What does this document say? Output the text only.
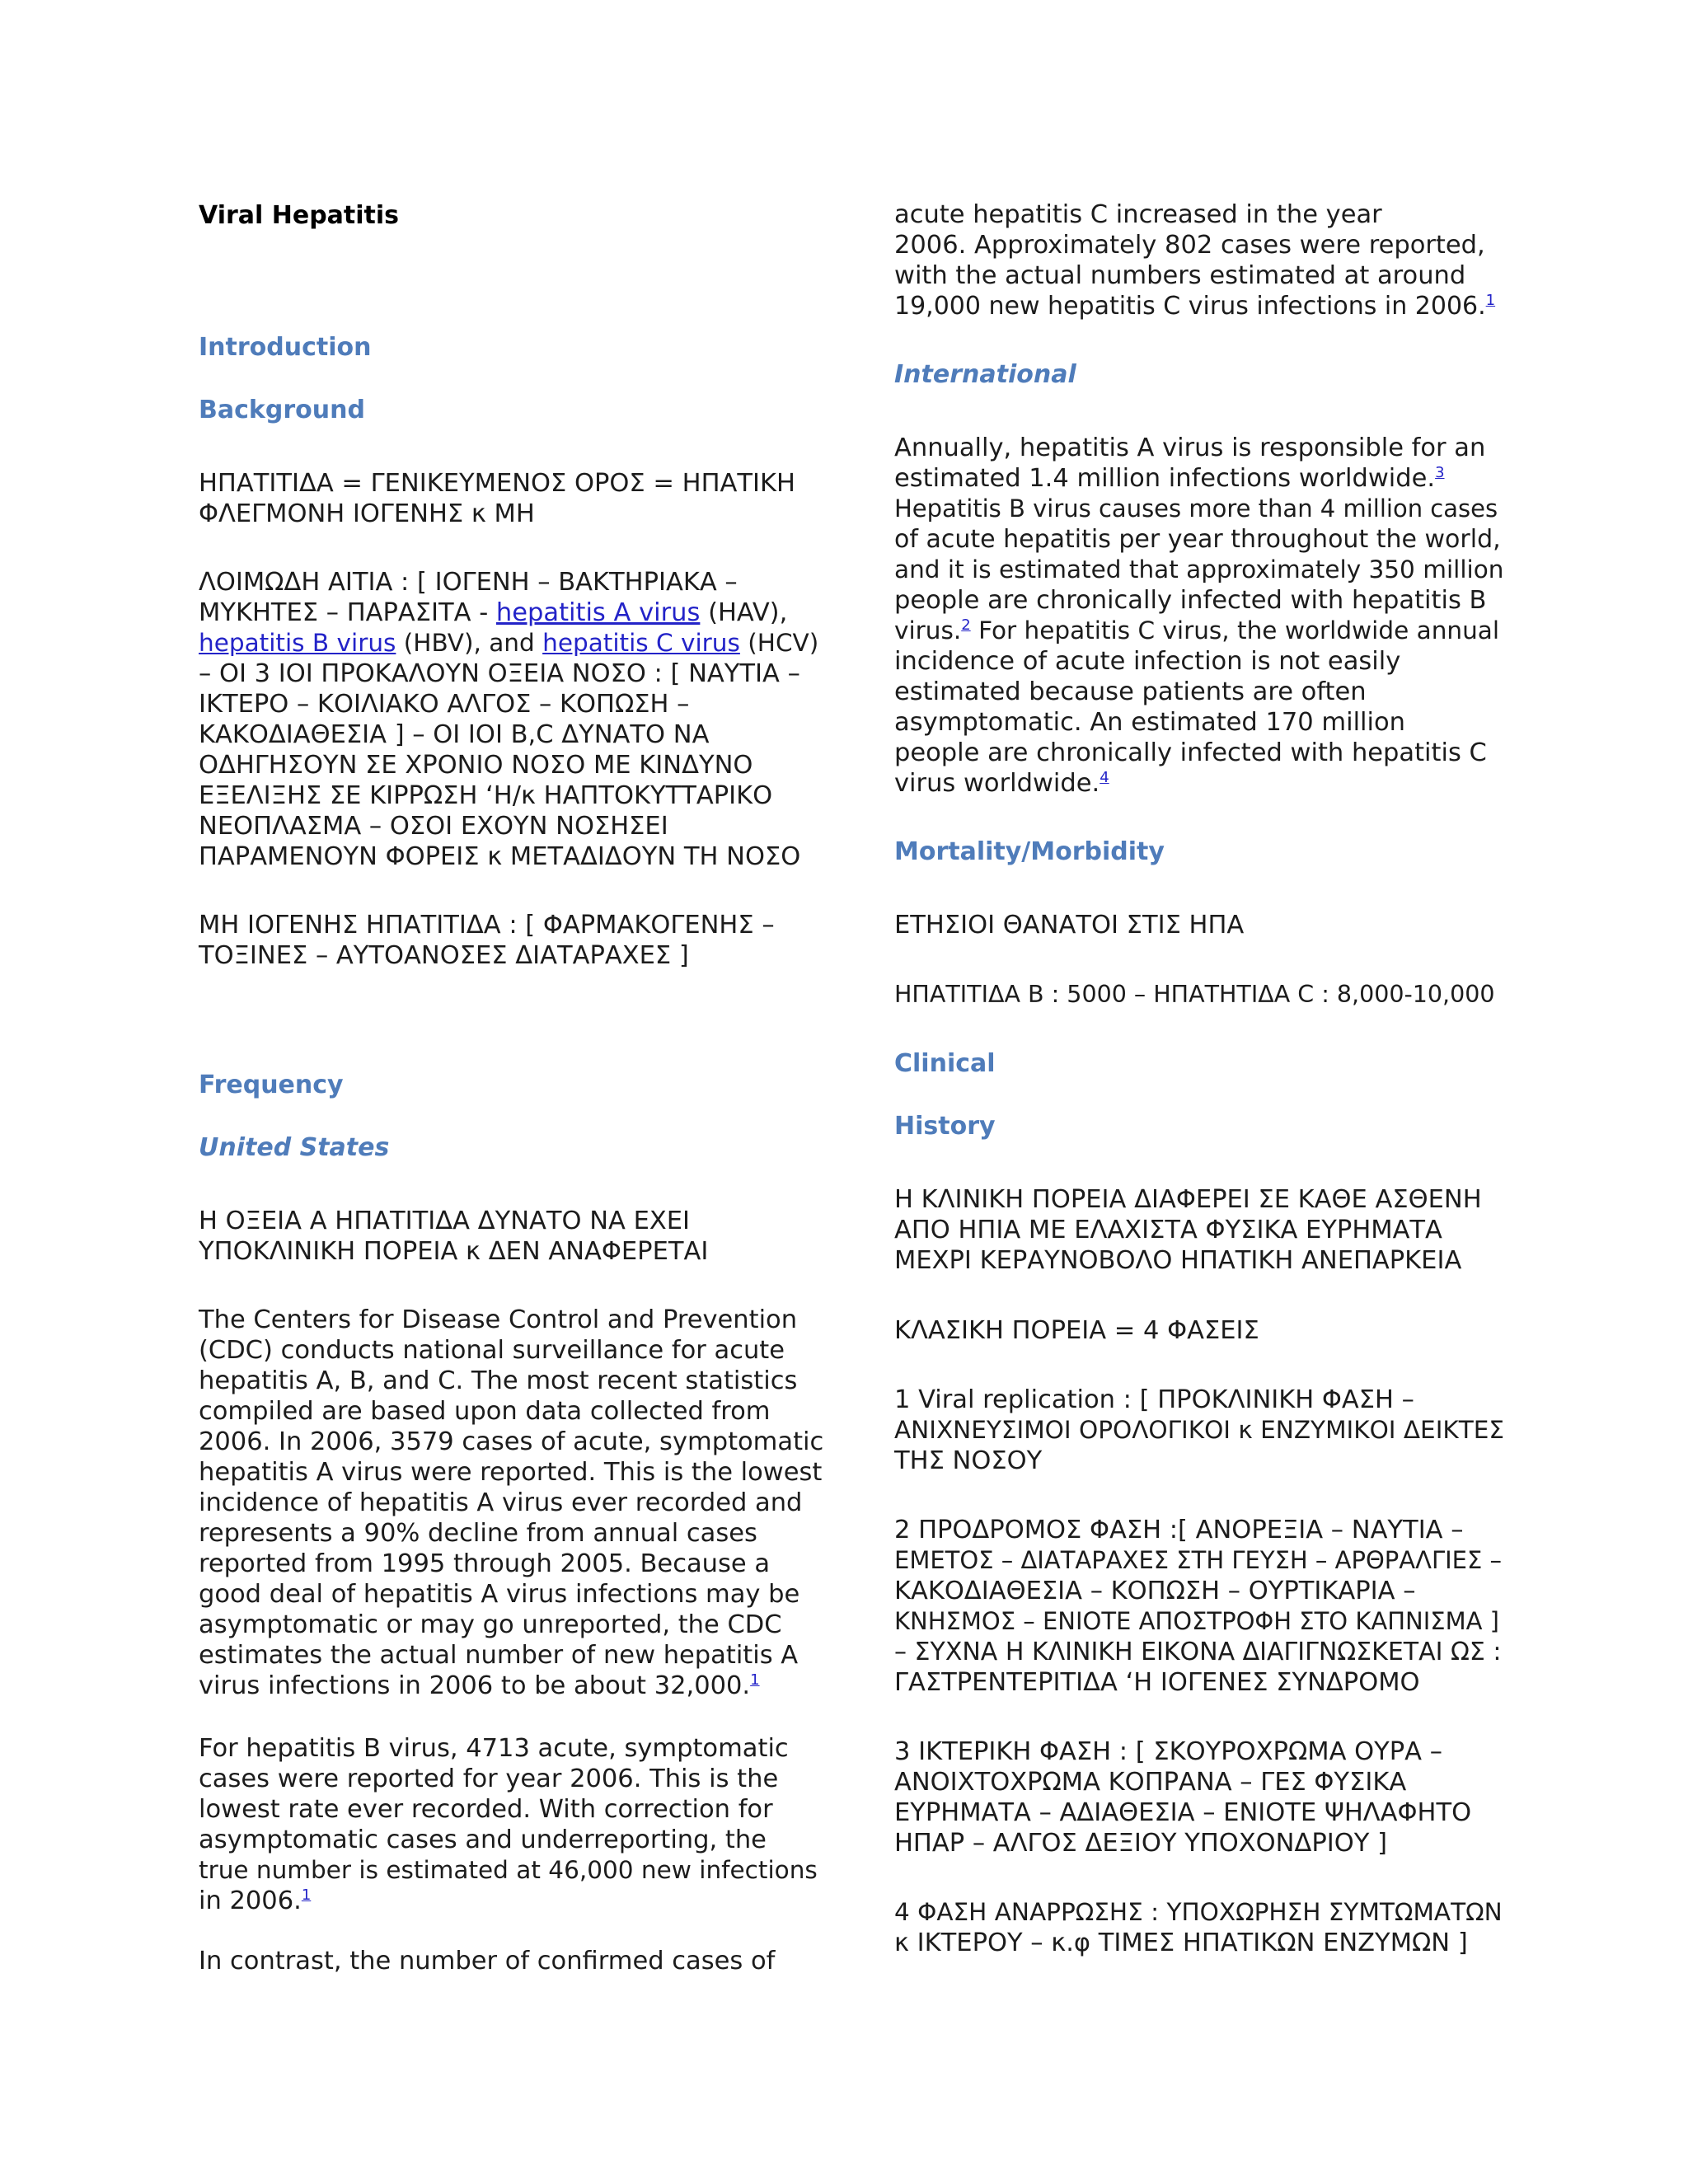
Viral Hepatitis
Introduction
Background
ΗΠΑΤΙΤΙΔΑ = ΓΕΝΙΚΕΥΜΕΝΟΣ ΟΡΟΣ = ΗΠΑΤΙΚΗ
ΦΛΕΓΜΟΝΗ ΙΟΓΕΝΗΣ κ ΜΗ
ΛΟΙΜΩΔΗ ΑΙΤΙΑ : [ ΙΟΓΕΝΗ – ΒΑΚΤΗΡΙΑΚΑ –
ΜΥΚΗΤΕΣ – ΠΑΡΑΣΙΤΑ - hepatitis A virus (HAV),
hepatitis B virus (HBV), and hepatitis C virus (HCV)
– ΟΙ 3 ΙΟΙ ΠΡΟΚΑΛΟΥΝ ΟΞΕΙΑ ΝΟΣΟ : [ ΝΑΥΤΙΑ –
ΙΚΤΕΡΟ – ΚΟΙΛΙΑΚΟ ΑΛΓΟΣ – ΚΟΠΩΣΗ –
ΚΑΚΟΔΙΑΘΕΣΙΑ ] – ΟΙ ΙΟΙ Β,C ΔΥΝΑΤΟ ΝΑ
ΟΔΗΓΗΣΟΥΝ ΣΕ ΧΡΟΝΙΟ ΝΟΣΟ ΜΕ ΚΙΝΔΥΝΟ
ΕΞΕΛΙΞΗΣ ΣΕ ΚΙΡΡΩΣΗ ‘Η/κ ΗΑΠΤΟΚΥΤΤΑΡΙΚΟ
ΝΕΟΠΛΑΣΜΑ – ΟΣΟΙ ΕΧΟΥΝ ΝΟΣΗΣΕΙ
ΠΑΡΑΜΕΝΟΥΝ ΦΟΡΕΙΣ κ ΜΕΤΑΔΙΔΟΥΝ ΤΗ ΝΟΣΟ
ΜΗ ΙΟΓΕΝΗΣ ΗΠΑΤΙΤΙΔΑ : [ ΦΑΡΜΑΚΟΓΕΝΗΣ –
ΤΟΞΙΝΕΣ – ΑΥΤΟΑΝΟΣΕΣ ΔΙΑΤΑΡΑΧΕΣ ]
Frequency
United States
Η ΟΞΕΙΑ Α ΗΠΑΤΙΤΙΔΑ ΔΥΝΑΤΟ ΝΑ ΕΧΕΙ
ΥΠΟΚΛΙΝΙΚΗ ΠΟΡΕΙΑ κ ΔΕΝ ΑΝΑΦΕΡΕΤΑΙ
The Centers for Disease Control and Prevention
(CDC) conducts national surveillance for acute
hepatitis A, B, and C. The most recent statistics
compiled are based upon data collected from
2006. In 2006, 3579 cases of acute, symptomatic
hepatitis A virus were reported. This is the lowest
incidence of hepatitis A virus ever recorded and
represents a 90% decline from annual cases
reported from 1995 through 2005. Because a
good deal of hepatitis A virus infections may be
asymptomatic or may go unreported, the CDC
estimates the actual number of new hepatitis A
virus infections in 2006 to be about 32,000.$^1$
For hepatitis B virus, 4713 acute, symptomatic
cases were reported for year 2006. This is the
lowest rate ever recorded. With correction for
asymptomatic cases and underreporting, the
true number is estimated at 46,000 new infections
in 2006.$^1$
In contrast, the number of confirmed cases of
acute hepatitis C increased in the year
2006. Approximately 802 cases were reported,
with the actual numbers estimated at around
19,000 new hepatitis C virus infections in 2006.$^1$
International
Annually, hepatitis A virus is responsible for an
estimated 1.4 million infections worldwide.$^3$
Hepatitis B virus causes more than 4 million cases
of acute hepatitis per year throughout the world,
and it is estimated that approximately 350 million
people are chronically infected with hepatitis B
virus.$^2$ For hepatitis C virus, the worldwide annual
incidence of acute infection is not easily
estimated because patients are often
asymptomatic. An estimated 170 million
people are chronically infected with hepatitis C
virus worldwide.$^4$
Mortality/Morbidity
ΕΤΗΣΙΟΙ ΘΑΝΑΤΟΙ ΣΤΙΣ ΗΠΑ
ΗΠΑΤΙΤΙΔΑ Β : 5000 – ΗΠΑΤΗΤΙΔΑ C : 8,000-10,000
Clinical
History
Η ΚΛΙΝΙΚΗ ΠΟΡΕΙΑ ΔΙΑΦΕΡΕΙ ΣΕ ΚΑΘΕ ΑΣΘΕΝΗ
ΑΠΟ ΗΠΙΑ ΜΕ ΕΛΑΧΙΣΤΑ ΦΥΣΙΚΑ ΕΥΡΗΜΑΤΑ
ΜΕΧΡΙ ΚΕΡΑΥΝΟΒΟΛΟ ΗΠΑΤΙΚΗ ΑΝΕΠΑΡΚΕΙΑ
ΚΛΑΣΙΚΗ ΠΟΡΕΙΑ = 4 ΦΑΣΕΙΣ
1 Viral replication : [ ΠΡΟΚΛΙΝΙΚΗ ΦΑΣΗ –
ΑΝΙΧΝΕΥΣΙΜΟΙ ΟΡΟΛΟΓΙΚΟΙ κ ΕΝΖΥΜΙΚΟΙ ΔΕΙΚΤΕΣ
ΤΗΣ ΝΟΣΟΥ
2 ΠΡΟΔΡΟΜΟΣ ΦΑΣΗ :[ ΑΝΟΡΕΞΙΑ – ΝΑΥΤΙΑ –
ΕΜΕΤΟΣ – ΔΙΑΤΑΡΑΧΕΣ ΣΤΗ ΓΕΥΣΗ – ΑΡΘΡΑΛΓΙΕΣ –
ΚΑΚΟΔΙΑΘΕΣΙΑ – ΚΟΠΩΣΗ – ΟΥΡΤΙΚΑΡΙΑ –
ΚΝΗΣΜΟΣ – ΕΝΙΟΤΕ ΑΠΟΣΤΡΟΦΗ ΣΤΟ ΚΑΠΝΙΣΜΑ ]
– ΣΥΧΝΑ Η ΚΛΙΝΙΚΗ ΕΙΚΟΝΑ ΔΙΑΓΙΓΝΩΣΚΕΤΑΙ ΩΣ :
ΓΑΣΤΡΕΝΤΕΡΙΤΙΔΑ ‘Η ΙΟΓΕΝΕΣ ΣΥΝΔΡΟΜΟ
3 ΙΚΤΕΡΙΚΗ ΦΑΣΗ : [ ΣΚΟΥΡΟΧΡΩΜΑ ΟΥΡΑ –
ΑΝΟΙΧΤΟΧΡΩΜΑ ΚΟΠΡΑΝΑ – ΓΕΣ ΦΥΣΙΚΑ
ΕΥΡΗΜΑΤΑ – ΑΔΙΑΘΕΣΙΑ – ΕΝΙΟΤΕ ΨΗΛΑΦΗΤΟ
ΗΠΑΡ – ΑΛΓΟΣ ΔΕΞΙΟΥ ΥΠΟΧΟΝΔΡΙΟΥ ]
4 ΦΑΣΗ ΑΝΑΡΡΩΣΗΣ : ΥΠΟΧΩΡΗΣΗ ΣΥΜΤΩΜΑΤΩΝ
κ ΙΚΤΕΡΟΥ – κ.φ ΤΙΜΕΣ ΗΠΑΤΙΚΩΝ ΕΝΖΥΜΩΝ ]
